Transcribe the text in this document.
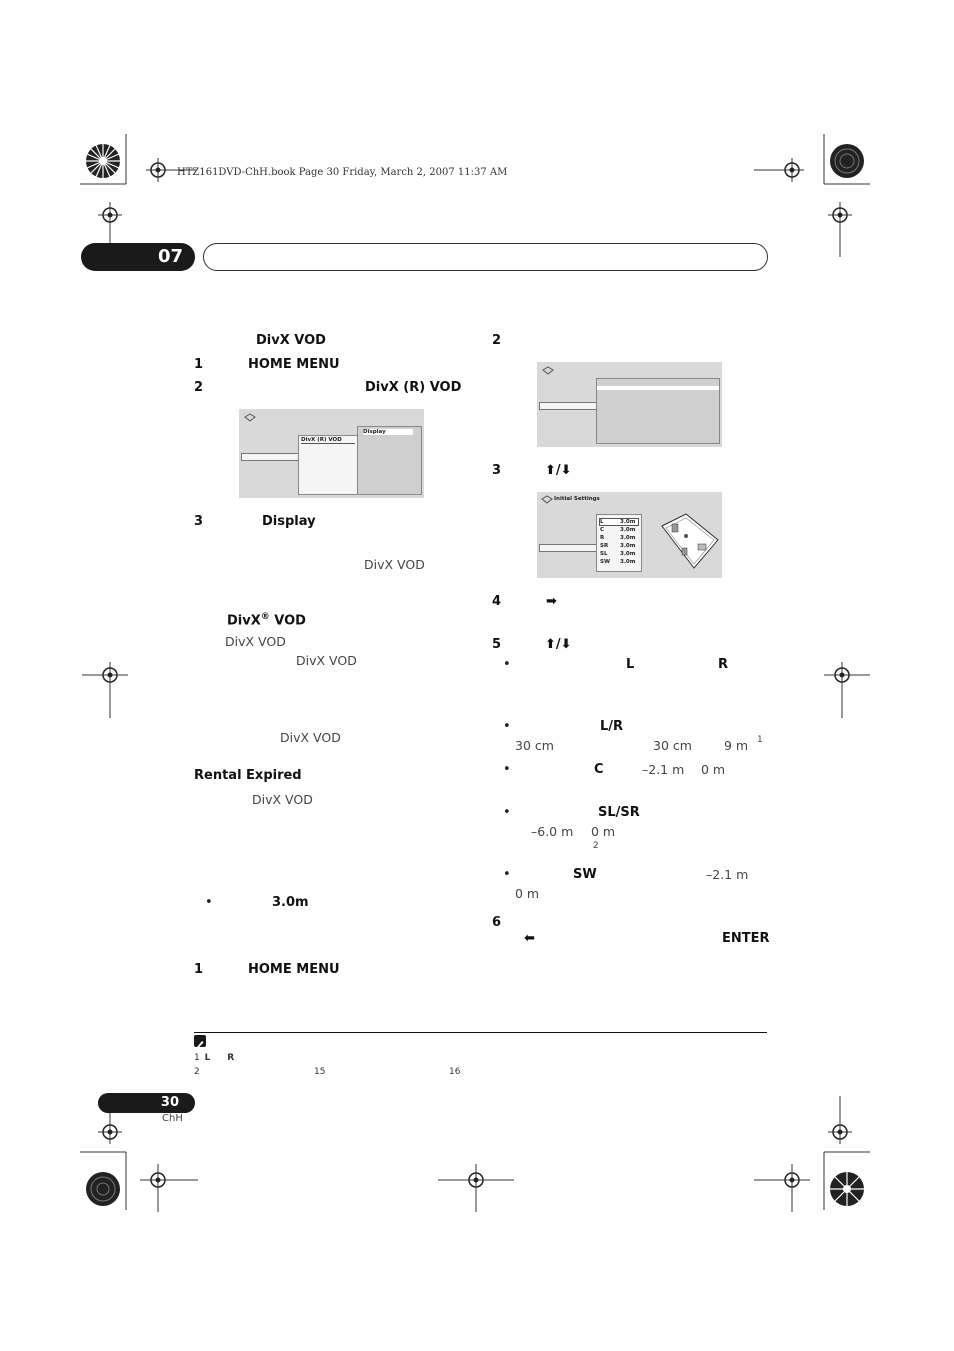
HTZ161DVD-ChH.book Page 30 Friday, March 2, 2007 11:37 AM
07
DivX VOD
1	HOME MENU
2	DivX (R) VOD
DivX (R) VOD
Display
3	Display
DivX VOD
DivX® VOD
DivX VOD
DivX VOD
DivX VOD
Rental Expired
DivX VOD
•	3.0m
1	HOME MENU
2
3	⬆/⬇
Initial Settings
L	3.0m
C	3.0m
R	3.0m
SR 3.0m
SL 3.0m
SW 3.0m
4	➡
5	⬆/⬇
•	L	R
•	L/R
30 cm	30 cm	9 m 1
•	C	–2.1 m 0 m
•	SL/SR
–6.0 m 0 m
2
•	SW	–2.1 m
0 m
6
⬅	ENTER
1 L R
2	15	16
30
ChH
